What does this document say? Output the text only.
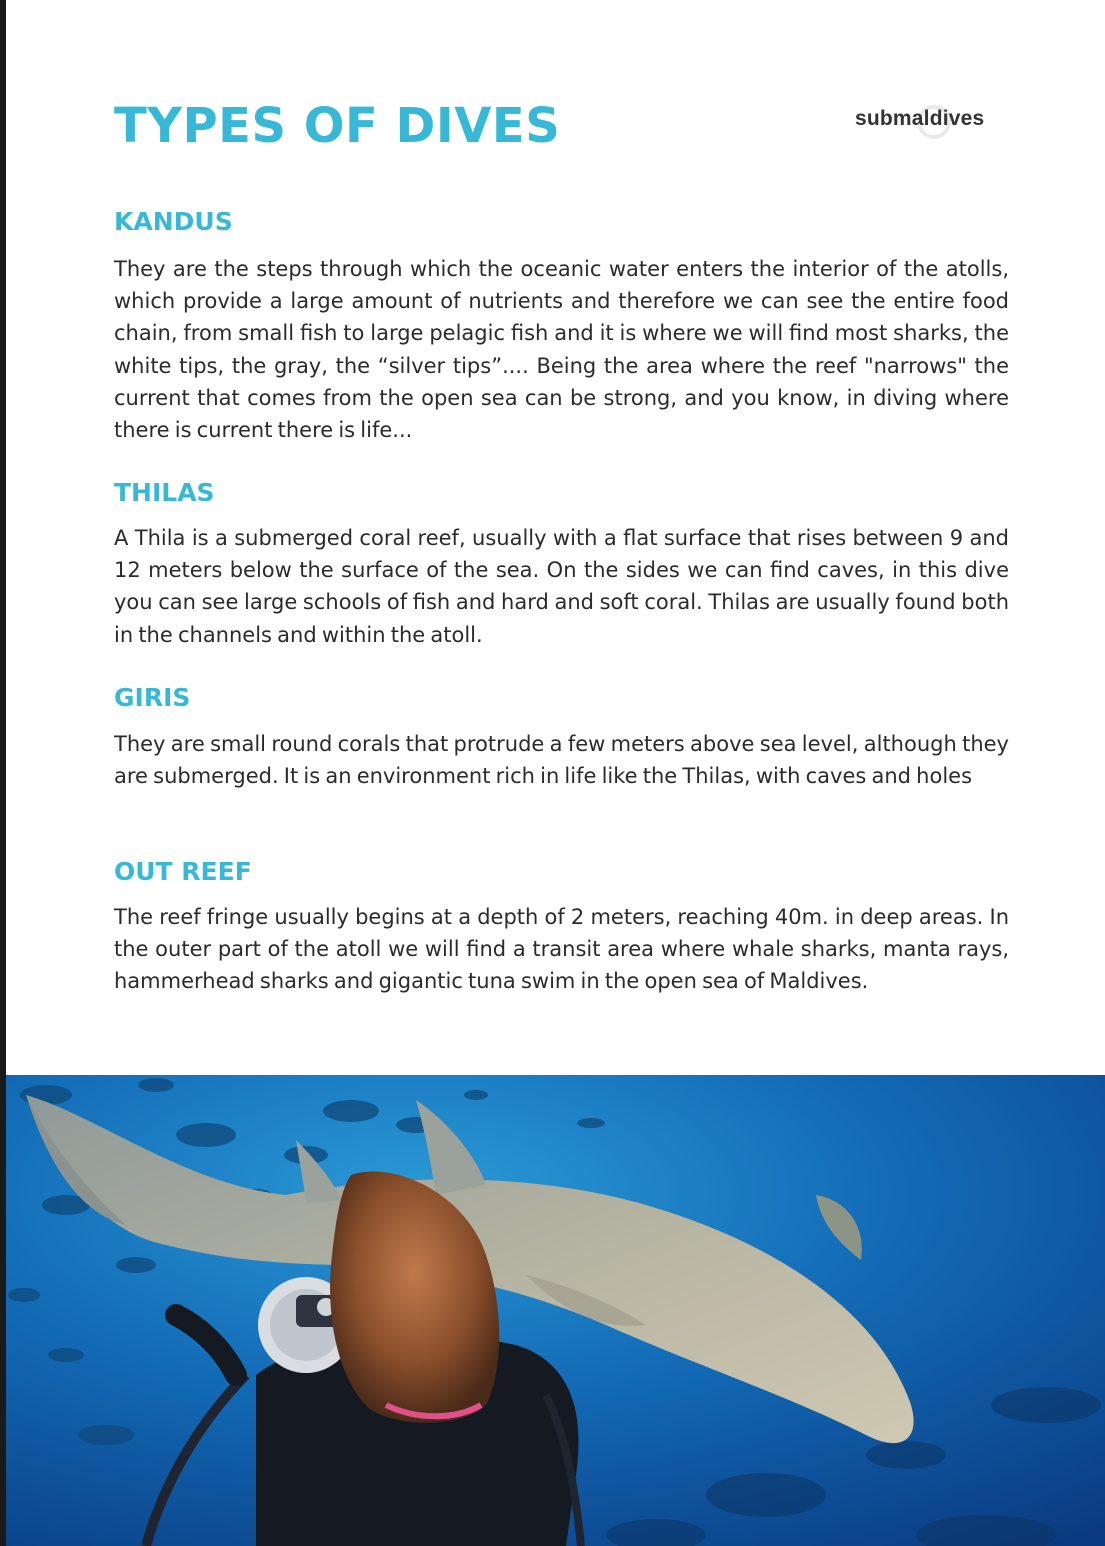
TYPES OF DIVES	submaldives
KANDUS

They are the steps through which the oceanic water enters the interior of the atolls, which provide a large amount of nutrients and therefore we can see the entire food chain, from small fish to large pelagic fish and it is where we will find most sharks, the white tips, the gray, the “silver tips”.... Being the area where the reef "narrows" the current that comes from the open sea can be strong, and you know, in diving where there is current there is life...

THILAS

A Thila is a submerged coral reef, usually with a flat surface that rises between 9 and 12 meters below the surface of the sea. On the sides we can find caves, in this dive you can see large schools of fish and hard and soft coral. Thilas are usually found both in the channels and within the atoll.

GIRIS

They are small round corals that protrude a few meters above sea level, although they are submerged. It is an environment rich in life like the Thilas, with caves and holes

OUT REEF

The reef fringe usually begins at a depth of 2 meters, reaching 40m. in deep areas. In the outer part of the atoll we will find a transit area where whale sharks, manta rays, hammerhead sharks and gigantic tuna swim in the open sea of Maldives.
